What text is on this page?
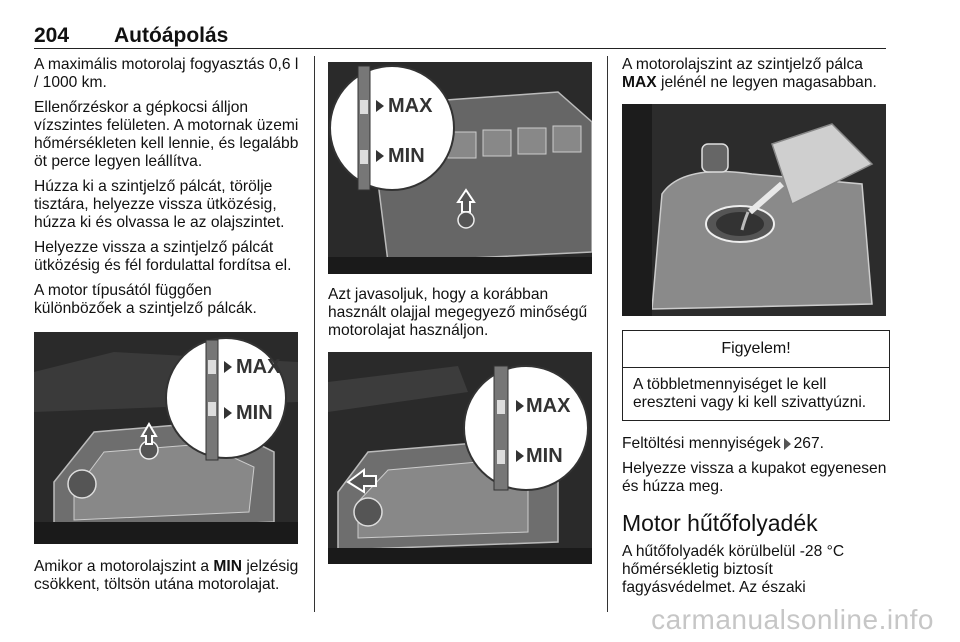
204 Autóápolás

A maximális motorolaj fogyasztás 0,6 l / 1000 km.

Ellenőrzéskor a gépkocsi álljon vízszintes felületen. A motornak üzemi hőmérsékleten kell lennie, és legalább öt perce legyen leállítva.

Húzza ki a szintjelző pálcát, törölje tisztára, helyezze vissza ütközésig, húzza ki és olvassa le az olajszintet.

Helyezze vissza a szintjelző pálcát ütközésig és fél fordulattal fordítsa el.

A motor típusától függően különbözőek a szintjelző pálcák.

MAX
MIN

Amikor a motorolajszint a MIN jelzésig csökkent, töltsön utána motorolajat.

MAX
MIN

Azt javasoljuk, hogy a korábban használt olajjal megegyező minőségű motorolajat használjon.

MAX
MIN

A motorolajszint az szintjelző pálca MAX jelénél ne legyen magasabban.

Figyelem!
A többletmennyiséget le kell ereszteni vagy ki kell szivattyúzni.

Feltöltési mennyiségek 267.

Helyezze vissza a kupakot egyenesen és húzza meg.

Motor hűtőfolyadék

A hűtőfolyadék körülbelül -28 °C hőmérsékletig biztosít fagyásvédelmet. Az északi

carmanualsonline.info
